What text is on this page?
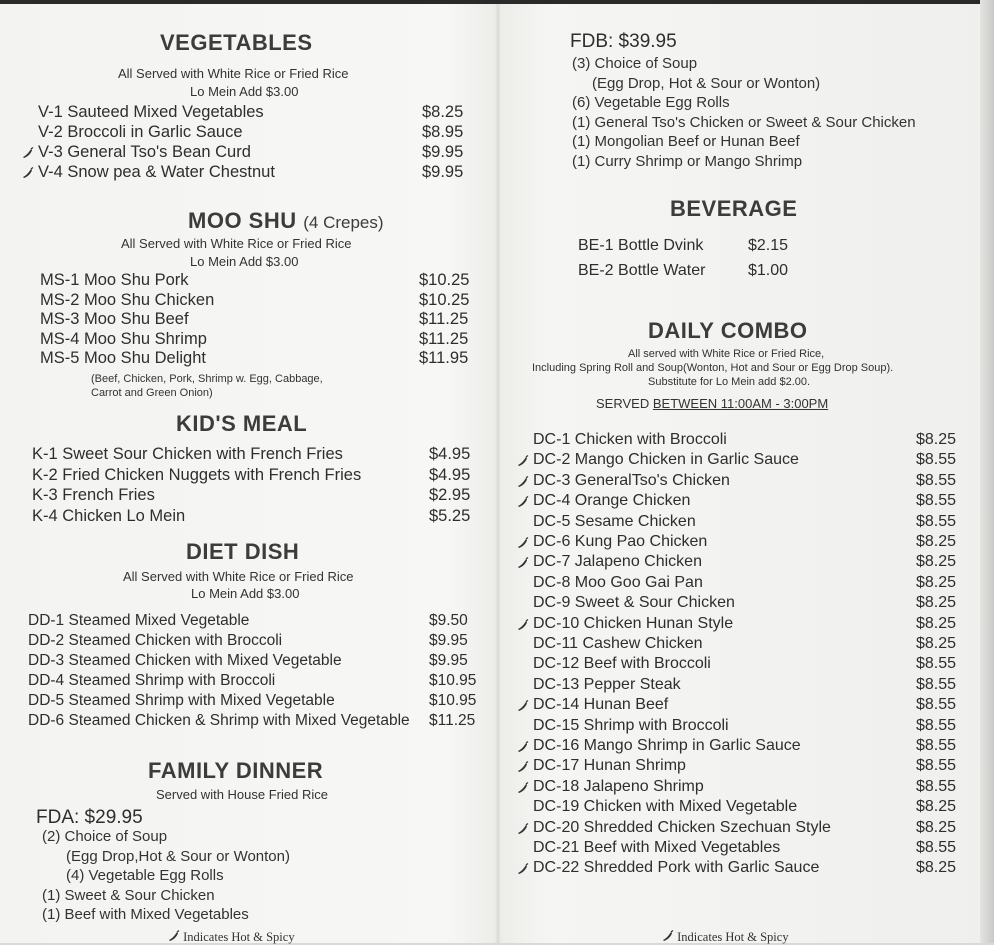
VEGETABLES
All Served with White Rice or Fried Rice
Lo Mein Add $3.00
V-1 Sauteed Mixed Vegetables	$8.25
V-2 Broccoli in Garlic Sauce	$8.95
V-3 General Tso's Bean Curd	$9.95
V-4 Snow pea & Water Chestnut	$9.95
MOO SHU (4 Crepes)
All Served with White Rice or Fried Rice
Lo Mein Add $3.00
MS-1 Moo Shu Pork	$10.25
MS-2 Moo Shu Chicken	$10.25
MS-3 Moo Shu Beef	$11.25
MS-4 Moo Shu Shrimp	$11.25
MS-5 Moo Shu Delight	$11.95
(Beef, Chicken, Pork, Shrimp w. Egg, Cabbage,
Carrot and Green Onion)
KID'S MEAL
K-1 Sweet Sour Chicken with French Fries	$4.95
K-2 Fried Chicken Nuggets with French Fries	$4.95
K-3 French Fries	$2.95
K-4 Chicken Lo Mein	$5.25
DIET DISH
All Served with White Rice or Fried Rice
Lo Mein Add $3.00
DD-1 Steamed Mixed Vegetable	$9.50
DD-2 Steamed Chicken with Broccoli	$9.95
DD-3 Steamed Chicken with Mixed Vegetable	$9.95
DD-4 Steamed Shrimp with Broccoli	$10.95
DD-5 Steamed Shrimp with Mixed Vegetable	$10.95
DD-6 Steamed Chicken & Shrimp with Mixed Vegetable $11.25
FAMILY DINNER
Served with House Fried Rice
FDA: $29.95
(2) Choice of Soup
(Egg Drop,Hot & Sour or Wonton)
(4) Vegetable Egg Rolls
(1) Sweet & Sour Chicken
(1) Beef with Mixed Vegetables
FDB: $39.95
(3) Choice of Soup
(Egg Drop, Hot & Sour or Wonton)
(6) Vegetable Egg Rolls
(1) General Tso's Chicken or Sweet & Sour Chicken
(1) Mongolian Beef or Hunan Beef
(1) Curry Shrimp or Mango Shrimp
BEVERAGE
BE-1 Bottle Dvink	$2.15
BE-2 Bottle Water	$1.00
DAILY COMBO
All served with White Rice or Fried Rice,
Including Spring Roll and Soup(Wonton, Hot and Sour or Egg Drop Soup).
Substitute for Lo Mein add $2.00.
SERVED BETWEEN 11:00AM - 3:00PM
DC-1 Chicken with Broccoli	$8.25
DC-2 Mango Chicken in Garlic Sauce	$8.55
DC-3 GeneralTso's Chicken	$8.55
DC-4 Orange Chicken	$8.55
DC-5 Sesame Chicken	$8.55
DC-6 Kung Pao Chicken	$8.25
DC-7 Jalapeno Chicken	$8.25
DC-8 Moo Goo Gai Pan	$8.25
DC-9 Sweet & Sour Chicken	$8.25
DC-10 Chicken Hunan Style	$8.25
DC-11 Cashew Chicken	$8.25
DC-12 Beef with Broccoli	$8.55
DC-13 Pepper Steak	$8.55
DC-14 Hunan Beef	$8.55
DC-15 Shrimp with Broccoli	$8.55
DC-16 Mango Shrimp in Garlic Sauce	$8.55
DC-17 Hunan Shrimp	$8.55
DC-18 Jalapeno Shrimp	$8.55
DC-19 Chicken with Mixed Vegetable	$8.25
DC-20 Shredded Chicken Szechuan Style	$8.25
DC-21 Beef with Mixed Vegetables	$8.55
DC-22 Shredded Pork with Garlic Sauce	$8.25
Indicates Hot & Spicy	Indicates Hot & Spicy
